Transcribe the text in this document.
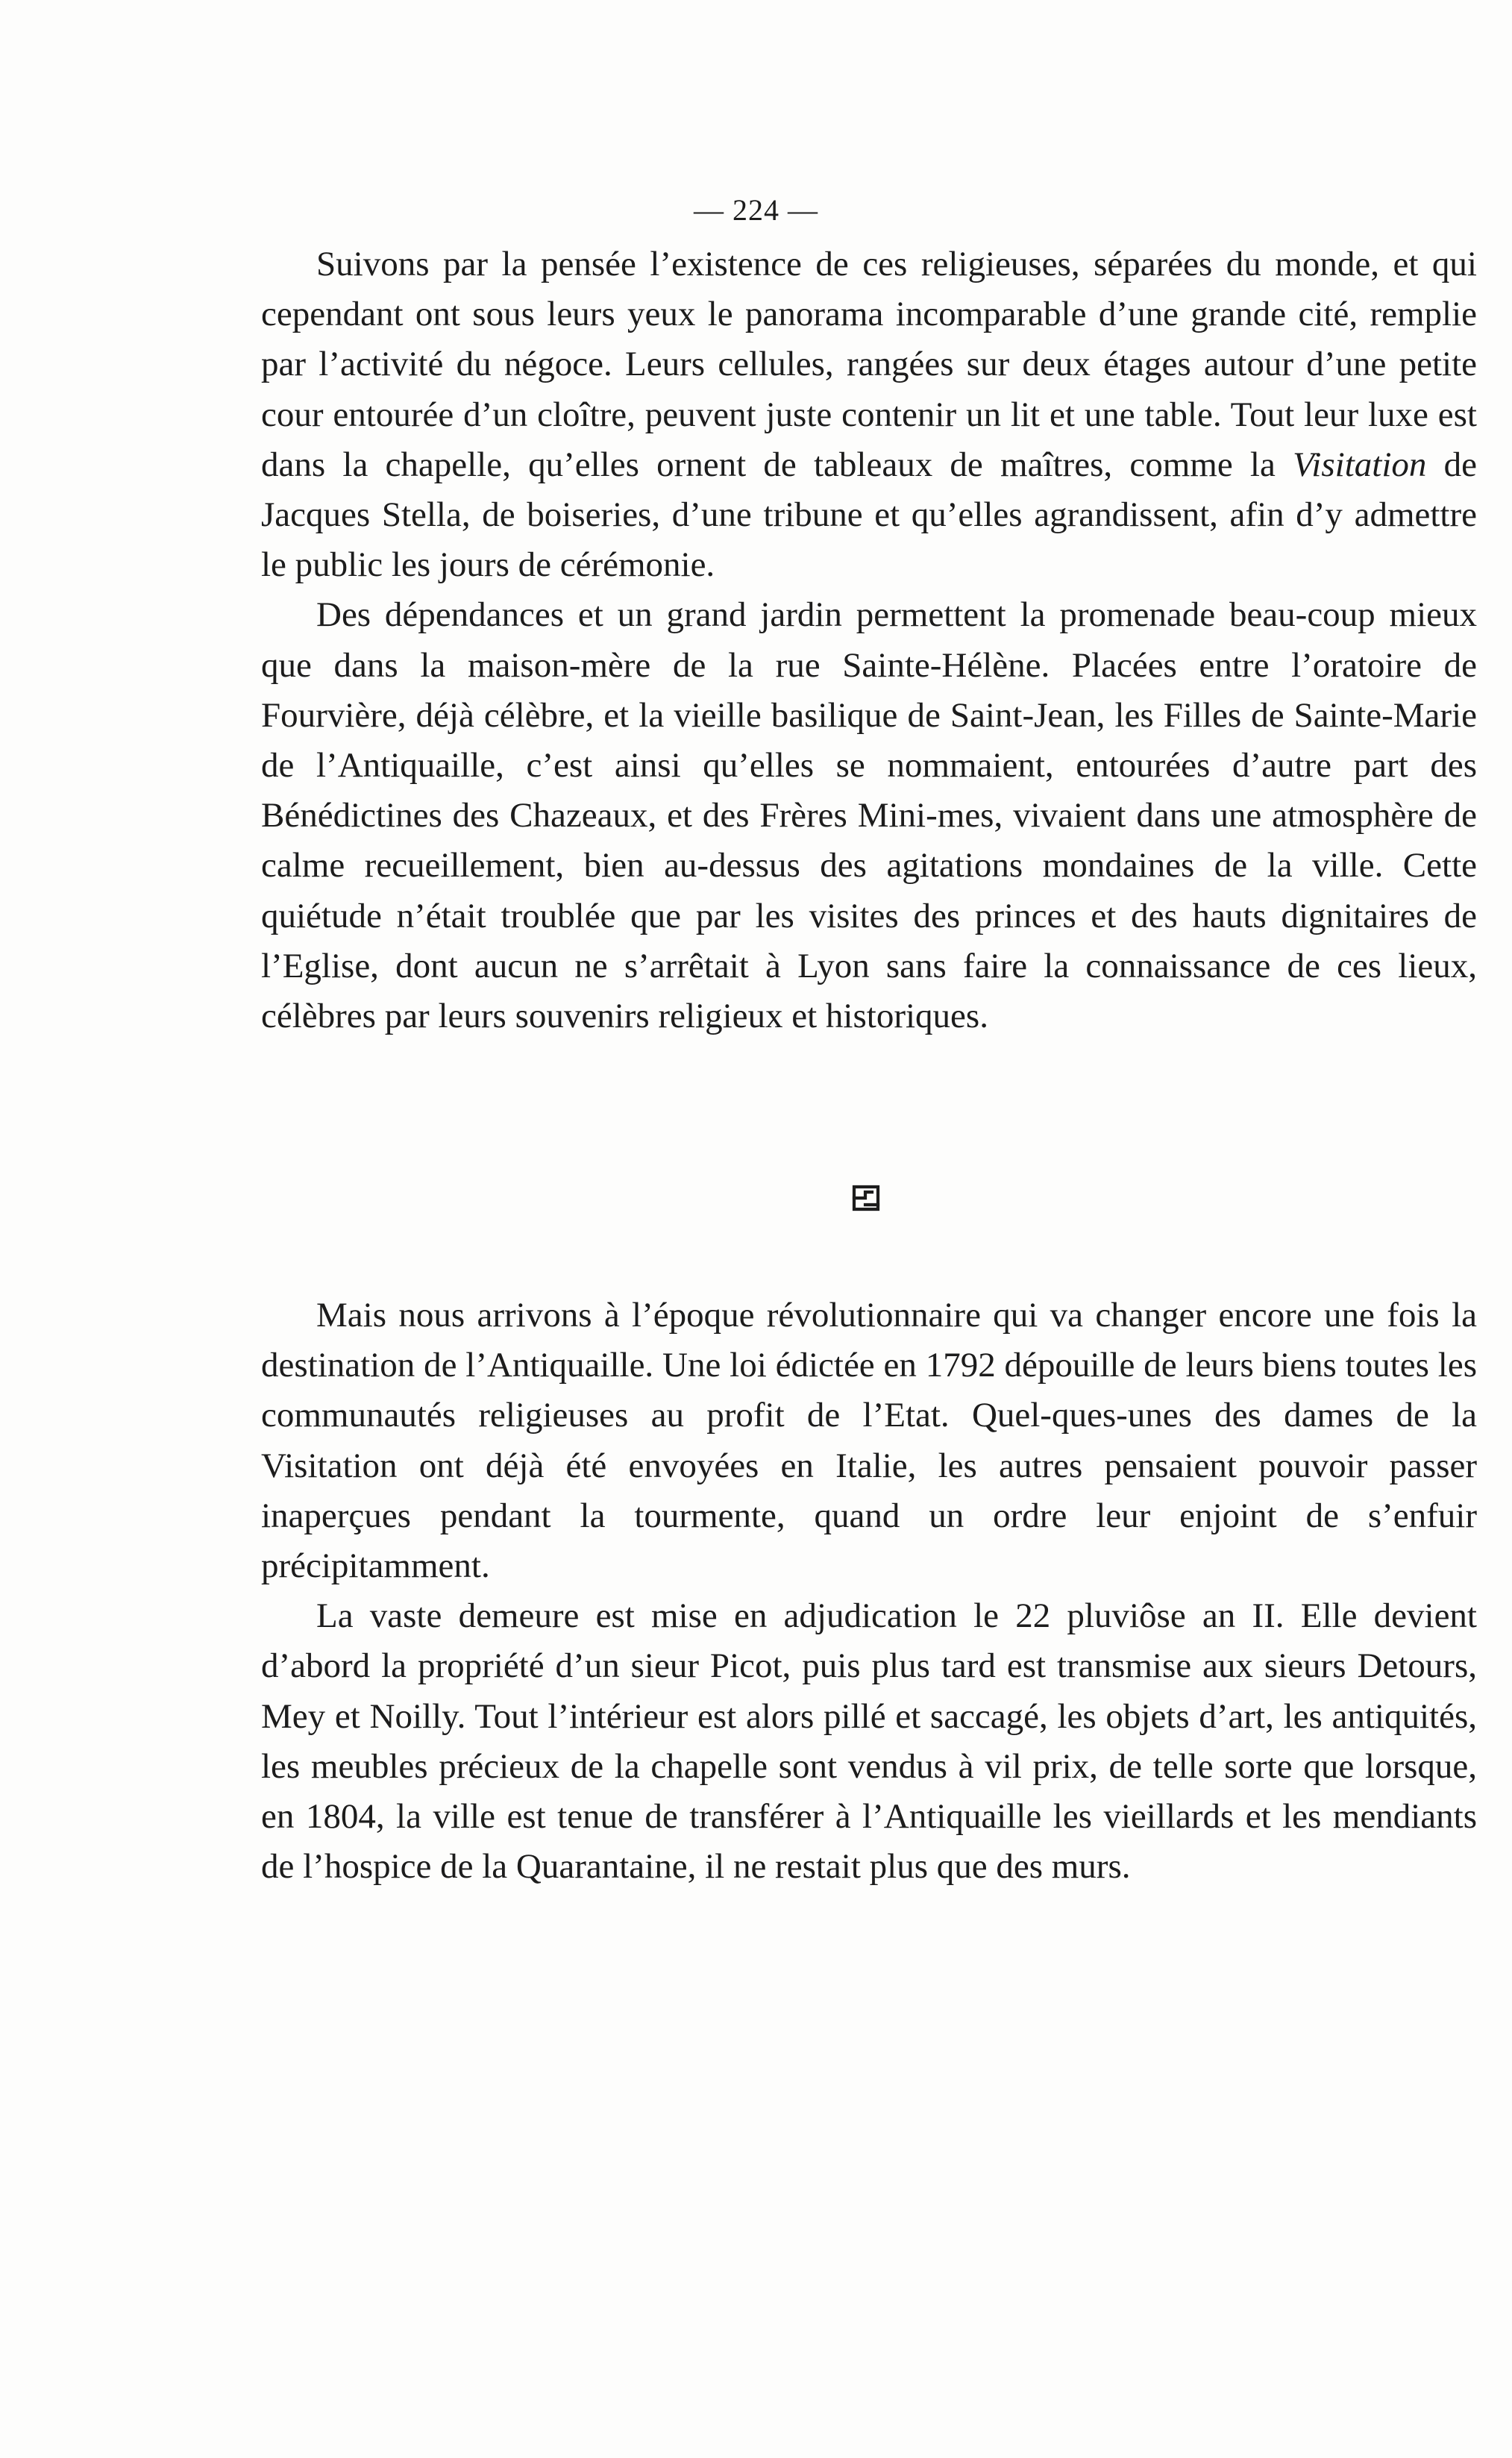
— 224 —

Suivons par la pensée l’existence de ces religieuses, séparées du monde, et qui cependant ont sous leurs yeux le panorama incomparable d’une grande cité, remplie par l’activité du négoce. Leurs cellules, rangées sur deux étages autour d’une petite cour entourée d’un cloître, peuvent juste contenir un lit et une table. Tout leur luxe est dans la chapelle, qu’elles ornent de tableaux de maîtres, comme la Visitation de Jacques Stella, de boiseries, d’une tribune et qu’elles agrandissent, afin d’y admettre le public les jours de cérémonie.

Des dépendances et un grand jardin permettent la promenade beau-coup mieux que dans la maison-mère de la rue Sainte-Hélène. Placées entre l’oratoire de Fourvière, déjà célèbre, et la vieille basilique de Saint-Jean, les Filles de Sainte-Marie de l’Antiquaille, c’est ainsi qu’elles se nommaient, entourées d’autre part des Bénédictines des Chazeaux, et des Frères Mini-mes, vivaient dans une atmosphère de calme recueillement, bien au-dessus des agitations mondaines de la ville. Cette quiétude n’était troublée que par les visites des princes et des hauts dignitaires de l’Eglise, dont aucun ne s’arrêtait à Lyon sans faire la connaissance de ces lieux, célèbres par leurs souvenirs religieux et historiques.

Mais nous arrivons à l’époque révolutionnaire qui va changer encore une fois la destination de l’Antiquaille. Une loi édictée en 1792 dépouille de leurs biens toutes les communautés religieuses au profit de l’Etat. Quel-ques-unes des dames de la Visitation ont déjà été envoyées en Italie, les autres pensaient pouvoir passer inaperçues pendant la tourmente, quand un ordre leur enjoint de s’enfuir précipitamment.

La vaste demeure est mise en adjudication le 22 pluviôse an II. Elle devient d’abord la propriété d’un sieur Picot, puis plus tard est transmise aux sieurs Detours, Mey et Noilly. Tout l’intérieur est alors pillé et saccagé, les objets d’art, les antiquités, les meubles précieux de la chapelle sont vendus à vil prix, de telle sorte que lorsque, en 1804, la ville est tenue de transférer à l’Antiquaille les vieillards et les mendiants de l’hospice de la Quarantaine, il ne restait plus que des murs.
